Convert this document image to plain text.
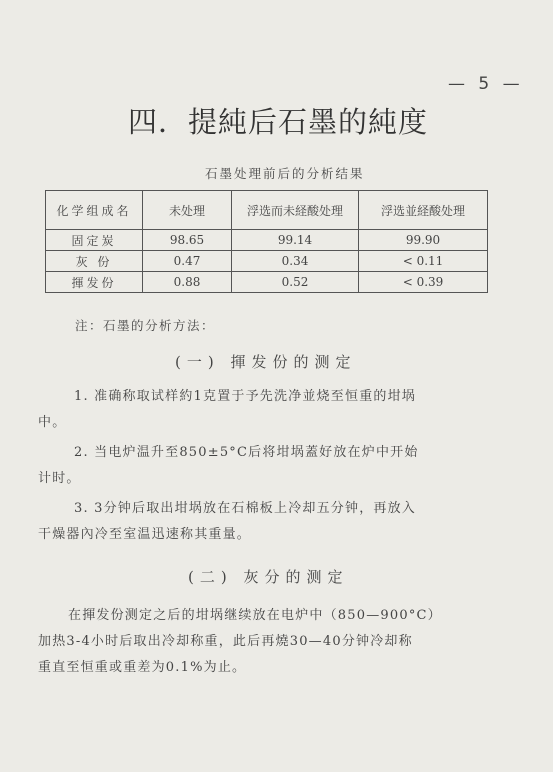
— 5 —
四．提純后石墨的純度
石墨处理前后的分析结果
化学组成名	未处理	浮选而未経酸处理	浮选並経酸处理
固定炭	98.65	99.14	99.90
灰 份	0.47	0.34	< 0.11
揮发份	0.88	0.52	< 0.39
注：石墨的分析方法：
(一) 揮发份的测定
1. 准确称取试样約1克置于予先洗净並烧至恒重的坩埚
中。
2. 当电炉温升至850±5°C后将坩埚蓋好放在炉中开始
计时。
3. 3分钟后取出坩埚放在石棉板上冷却五分钟，再放入
干燥器內冷至室温迅速称其重量。
(二) 灰分的测定
在揮发份测定之后的坩埚继续放在电炉中（850—900°C）
加热3-4小时后取出冷却称重，此后再燒30—40分钟冷却称
重直至恒重或重差为0.1%为止。
